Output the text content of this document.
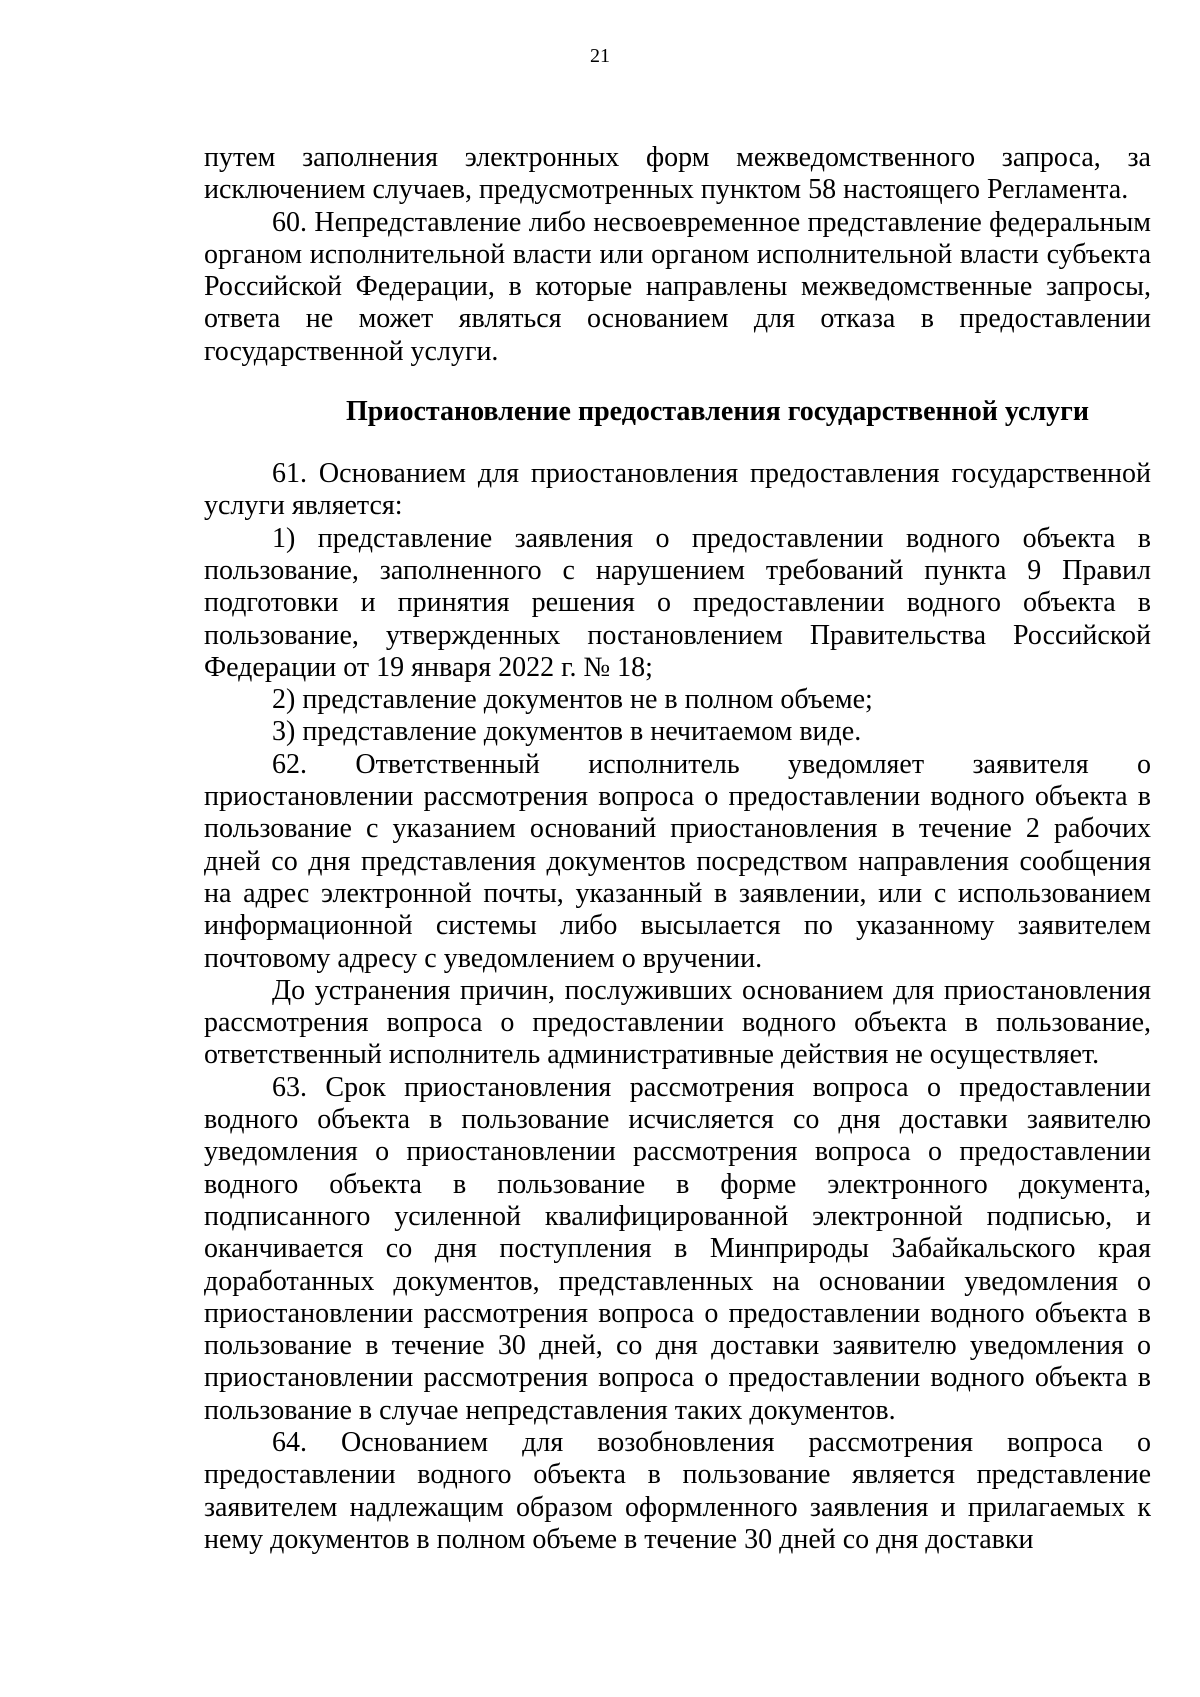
21

путем заполнения электронных форм межведомственного запроса, за исключением случаев, предусмотренных пунктом 58 настоящего Регламента.

60. Непредставление либо несвоевременное представление федеральным органом исполнительной власти или органом исполнительной власти субъекта Российской Федерации, в которые направлены межведомственные запросы, ответа не может являться основанием для отказа в предоставлении государственной услуги.

Приостановление предоставления государственной услуги

61. Основанием для приостановления предоставления государственной услуги является:

1) представление заявления о предоставлении водного объекта в пользование, заполненного с нарушением требований пункта 9 Правил подготовки и принятия решения о предоставлении водного объекта в пользование, утвержденных постановлением Правительства Российской Федерации от 19 января 2022 г. № 18;

2) представление документов не в полном объеме;

3) представление документов в нечитаемом виде.

62. Ответственный исполнитель уведомляет заявителя о приостановлении рассмотрения вопроса о предоставлении водного объекта в пользование с указанием оснований приостановления в течение 2 рабочих дней со дня представления документов посредством направления сообщения на адрес электронной почты, указанный в заявлении, или с использованием информационной системы либо высылается по указанному заявителем почтовому адресу с уведомлением о вручении.

До устранения причин, послуживших основанием для приостановления рассмотрения вопроса о предоставлении водного объекта в пользование, ответственный исполнитель административные действия не осуществляет.

63. Срок приостановления рассмотрения вопроса о предоставлении водного объекта в пользование исчисляется со дня доставки заявителю уведомления о приостановлении рассмотрения вопроса о предоставлении водного объекта в пользование в форме электронного документа, подписанного усиленной квалифицированной электронной подписью, и оканчивается со дня поступления в Минприроды Забайкальского края доработанных документов, представленных на основании уведомления о приостановлении рассмотрения вопроса о предоставлении водного объекта в пользование в течение 30 дней, со дня доставки заявителю уведомления о приостановлении рассмотрения вопроса о предоставлении водного объекта в пользование в случае непредставления таких документов.

64. Основанием для возобновления рассмотрения вопроса о предоставлении водного объекта в пользование является представление заявителем надлежащим образом оформленного заявления и прилагаемых к нему документов в полном объеме в течение 30 дней со дня доставки
